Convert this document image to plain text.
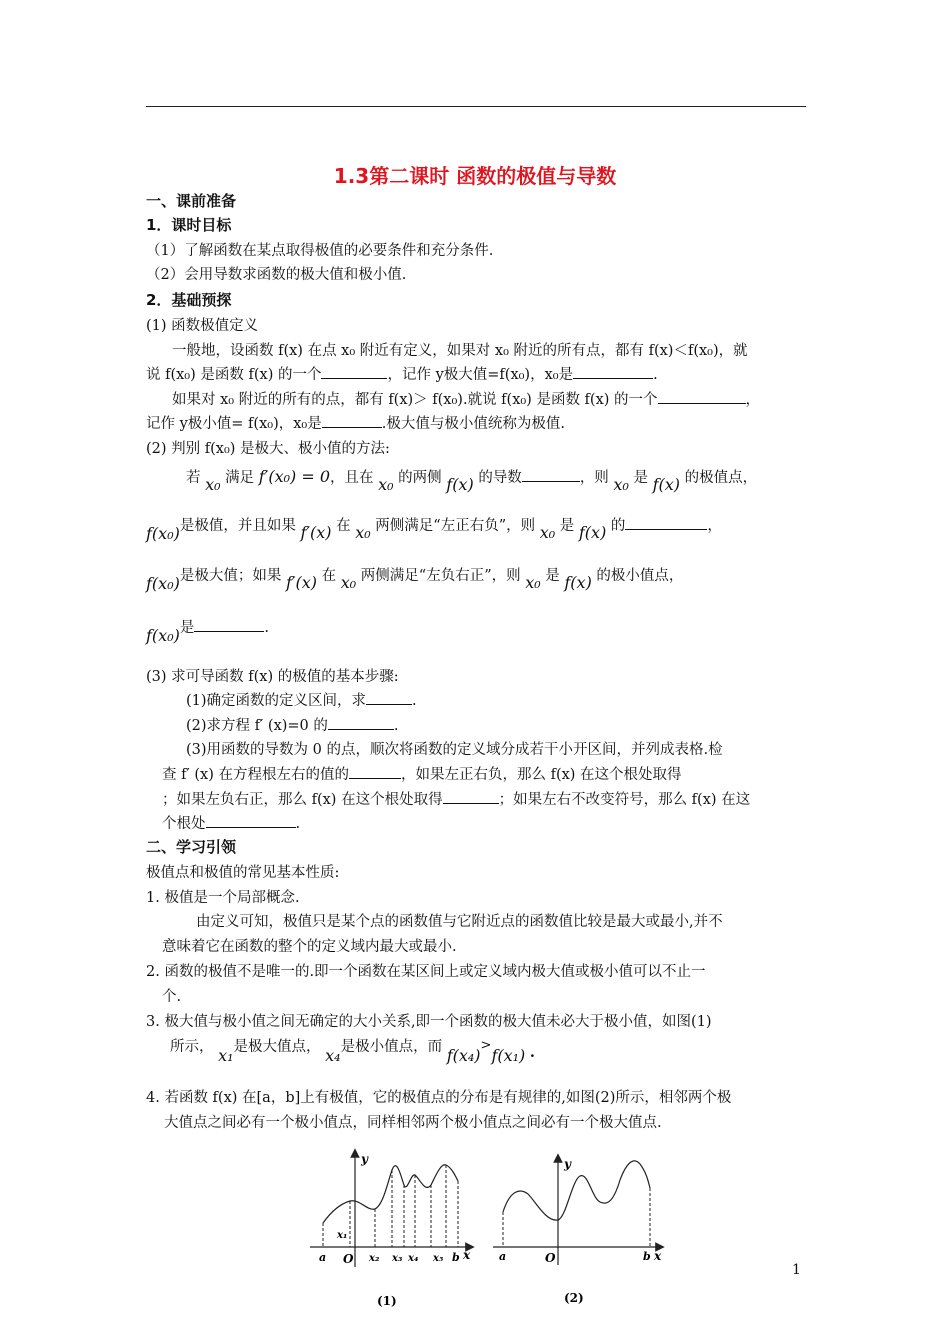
1.3第二课时 函数的极值与导数
一、课前准备
1．课时目标
（1）了解函数在某点取得极值的必要条件和充分条件.
（2）会用导数求函数的极大值和极小值.
2．基础预探
(1) 函数极值定义
一般地，设函数 f(x) 在点 x₀ 附近有定义，如果对 x₀ 附近的所有点，都有 f(x)＜f(x₀)，就
说 f(x₀) 是函数 f(x) 的一个	，记作 y极大值=f(x₀)，x₀是	.
如果对 x₀ 附近的所有的点，都有 f(x)＞ f(x₀).就说 f(x₀) 是函数 f(x) 的一个	，
记作 y极小值= f(x₀)，x₀是	.极大值与极小值统称为极值.
(2) 判别 f(x₀) 是极大、极小值的方法:
若 x₀ 满足 f′(x₀) = 0，且在 x₀ 的两侧 f(x) 的导数	，则 x₀ 是 f(x) 的极值点，
f(x₀)是极值，并且如果 f′(x) 在 x₀ 两侧满足“左正右负”，则 x₀ 是 f(x) 的	，
f(x₀)是极大值；如果 f′(x) 在 x₀ 两侧满足“左负右正”，则 x₀ 是 f(x) 的极小值点，
f(x₀)是	.
(3) 求可导函数 f(x) 的极值的基本步骤:
(1)确定函数的定义区间，求	.
(2)求方程 f′ (x)=0 的	.
(3)用函数的导数为 0 的点，顺次将函数的定义域分成若干小开区间，并列成表格.检
查 f′ (x) 在方程根左右的值的	，如果左正右负，那么 f(x) 在这个根处取得
；如果左负右正，那么 f(x) 在这个根处取得	；如果左右不改变符号，那么 f(x) 在这
个根处	.
二、学习引领
极值点和极值的常见基本性质:
1. 极值是一个局部概念.
由定义可知，极值只是某个点的函数值与它附近点的函数值比较是最大或最小,并不
意味着它在函数的整个的定义域内最大或最小.
2. 函数的极值不是唯一的.即一个函数在某区间上或定义域内极大值或极小值可以不止一
个.
3. 极大值与极小值之间无确定的大小关系,即一个函数的极大值未必大于极小值，如图(1)
所示， x₁是极大值点， x₄是极小值点，而 f(x₄)>f(x₁) .
4. 若函数 f(x) 在[a，b]上有极值，它的极值点的分布是有规律的,如图(2)所示，相邻两个极
大值点之间必有一个极小值点，同样相邻两个极小值点之间必有一个极大值点.
y
x
O
a	b
x₁
x₂ x₃ x₄ x₅
(1)
y
x
O
a	b
(2)
1
